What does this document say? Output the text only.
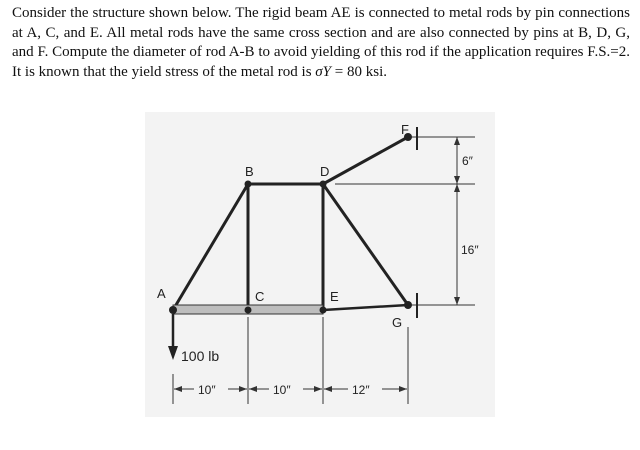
Consider the structure shown below. The rigid beam AE is connected to metal rods by pin connections at A, C, and E. All metal rods have the same cross section and are also connected by pins at B, D, G, and F. Compute the diameter of rod A-B to avoid yielding of this rod if the application requires F.S.=2. It is known that the yield stress of the metal rod is σY = 80 ksi.

6″
16″
A
B
C
D
E
F
G
100 lb
10″	10″	12″
